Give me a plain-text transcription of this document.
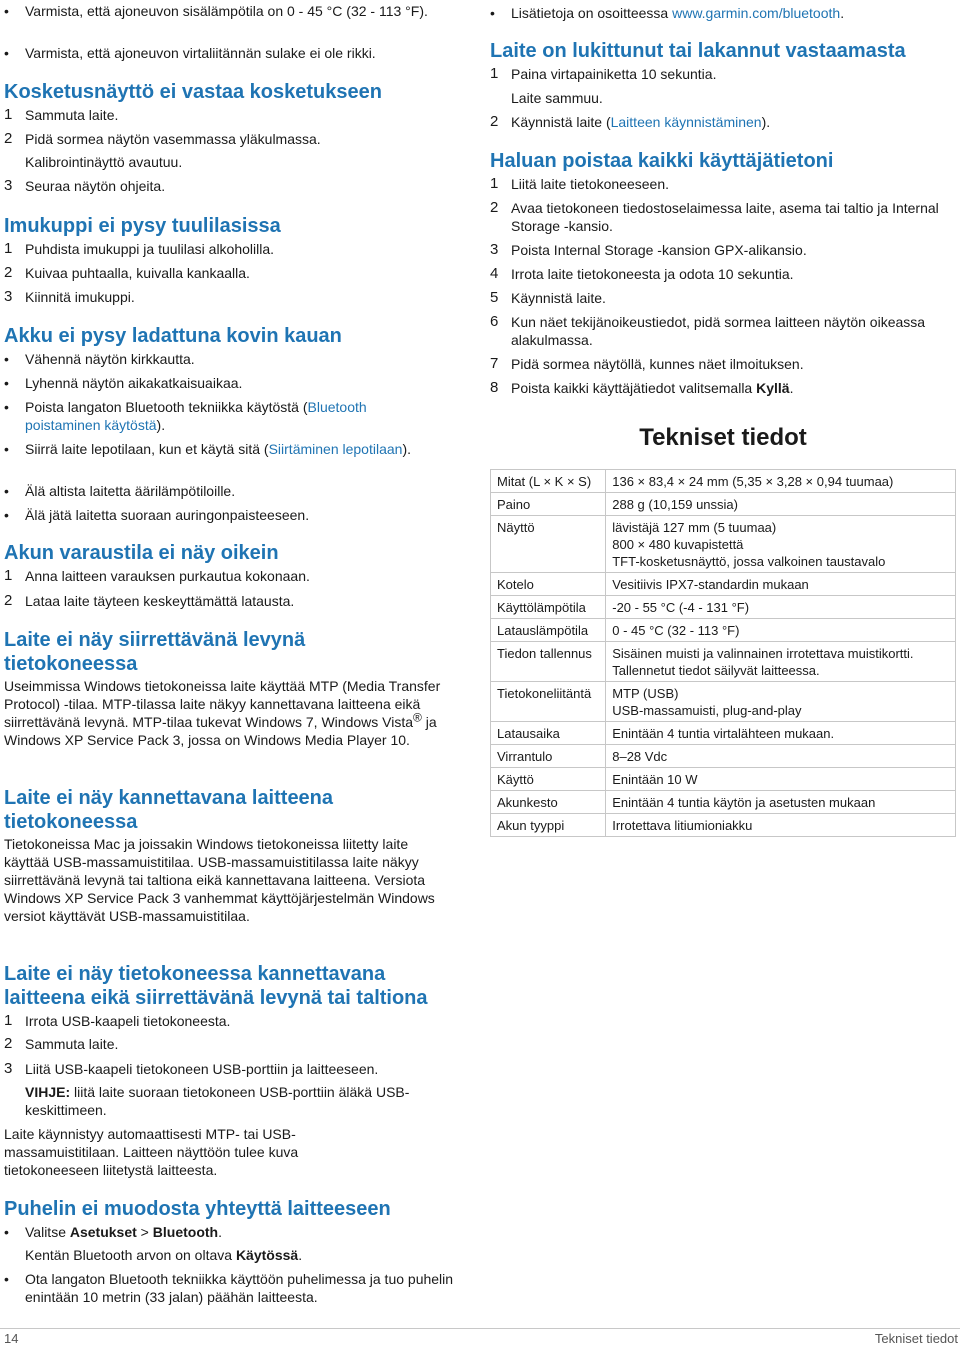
•	Varmista, että ajoneuvon sisälämpötila on 0 - 45 °C (32 - 113 °F).
•	Varmista, että ajoneuvon virtaliitännän sulake ei ole rikki.
Kosketusnäyttö ei vastaa kosketukseen
1 Sammuta laite.
2 Pidä sormea näytön vasemmassa yläkulmassa.
Kalibrointinäyttö avautuu.
3 Seuraa näytön ohjeita.
Imukuppi ei pysy tuulilasissa
1 Puhdista imukuppi ja tuulilasi alkoholilla.
2 Kuivaa puhtaalla, kuivalla kankaalla.
3 Kiinnitä imukuppi.
Akku ei pysy ladattuna kovin kauan
•	Vähennä näytön kirkkautta.
•	Lyhennä näytön aikakatkaisuaikaa.
•	Poista langaton Bluetooth tekniikka käytöstä (Bluetooth poistaminen käytöstä).
•	Siirrä laite lepotilaan, kun et käytä sitä (Siirtäminen lepotilaan).
•	Älä altista laitetta äärilämpötiloille.
•	Älä jätä laitetta suoraan auringonpaisteeseen.
Akun varaustila ei näy oikein
1 Anna laitteen varauksen purkautua kokonaan.
2 Lataa laite täyteen keskeyttämättä latausta.
Laite ei näy siirrettävänä levynä tietokoneessa

Useimmissa Windows tietokoneissa laite käyttää MTP (Media Transfer Protocol) -tilaa. MTP-tilassa laite näkyy kannettavana laitteena eikä siirrettävänä levynä. MTP-tilaa tukevat Windows 7, Windows Vista® ja Windows XP Service Pack 3, jossa on Windows Media Player 10.

Laite ei näy kannettavana laitteena tietokoneessa

Tietokoneissa Mac ja joissakin Windows tietokoneissa liitetty laite käyttää USB-massamuistitilaa. USB-massamuistitilassa laite näkyy siirrettävänä levynä tai taltiona eikä kannettavana laitteena. Versiota Windows XP Service Pack 3 vanhemmat käyttöjärjestelmän Windows versiot käyttävät USB-massamuistitilaa.

Laite ei näy tietokoneessa kannettavana laitteena eikä siirrettävänä levynä tai taltiona
1 Irrota USB-kaapeli tietokoneesta.
2 Sammuta laite.
3 Liitä USB-kaapeli tietokoneen USB-porttiin ja laitteeseen.
VIHJE: liitä laite suoraan tietokoneen USB-porttiin äläkä USB-keskittimeen.

Laite käynnistyy automaattisesti MTP- tai USB-massamuistitilaan. Laitteen näyttöön tulee kuva tietokoneeseen liitetystä laitteesta.

Puhelin ei muodosta yhteyttä laitteeseen
•	Valitse Asetukset > Bluetooth.
Kentän Bluetooth arvon on oltava Käytössä.
•	Ota langaton Bluetooth tekniikka käyttöön puhelimessa ja tuo puhelin enintään 10 metrin (33 jalan) päähän laitteesta.
•	Lisätietoja on osoitteessa www.garmin.com/bluetooth.
Laite on lukittunut tai lakannut vastaamasta
1 Paina virtapainiketta 10 sekuntia.
Laite sammuu.
2 Käynnistä laite (Laitteen käynnistäminen).
Haluan poistaa kaikki käyttäjätietoni
1 Liitä laite tietokoneeseen.
2 Avaa tietokoneen tiedostoselaimessa laite, asema tai taltio ja Internal Storage -kansio.
3 Poista Internal Storage -kansion GPX-alikansio.
4 Irrota laite tietokoneesta ja odota 10 sekuntia.
5 Käynnistä laite.
6 Kun näet tekijänoikeustiedot, pidä sormea laitteen näytön oikeassa alakulmassa.
7 Pidä sormea näytöllä, kunnes näet ilmoituksen.
8 Poista kaikki käyttäjätiedot valitsemalla Kyllä.
Tekniset tiedot
Mitat (L × K × S)	136 × 83,4 × 24 mm (5,35 × 3,28 × 0,94 tuumaa)

Paino	288 g (10,159 unssia)

Näyttö	lävistäjä 127 mm (5 tuumaa)
800 × 480 kuvapistettä
TFT-kosketusnäyttö, jossa valkoinen taustavalo

Kotelo	Vesitiivis IPX7-standardin mukaan

Käyttölämpötila	-20 - 55 °C (-4 - 131 °F)

Latauslämpötila	0 - 45 °C (32 - 113 °F)

Tiedon tallennus	Sisäinen muisti ja valinnainen irrotettava muistikortti. Tallennetut tiedot säilyvät laitteessa.

Tietokoneliitäntä	MTP (USB)
USB-massamuisti, plug-and-play

Latausaika	Enintään 4 tuntia virtalähteen mukaan.

Virrantulo	8–28 Vdc

Käyttö	Enintään 10 W

Akunkesto	Enintään 4 tuntia käytön ja asetusten mukaan

Akun tyyppi	Irrotettava litiumioniakku
14	Tekniset tiedot
